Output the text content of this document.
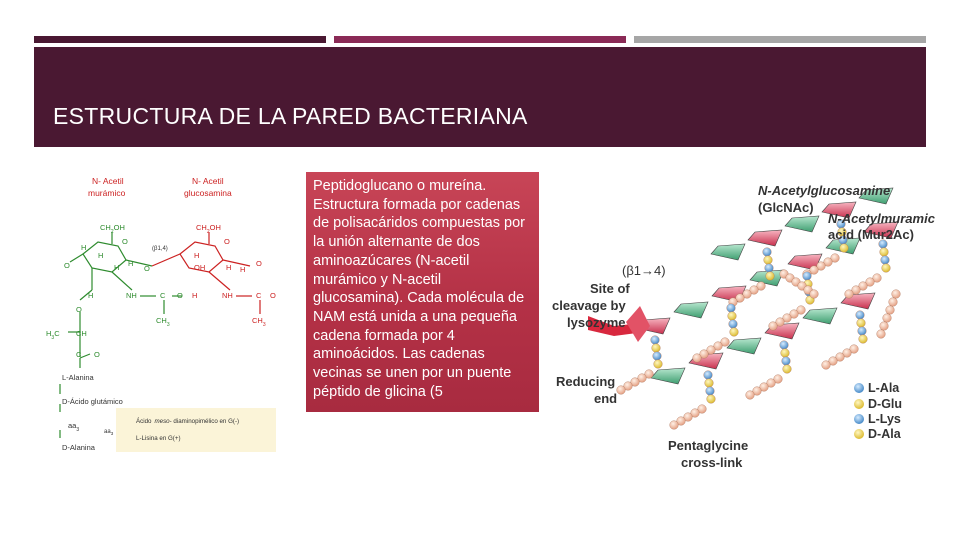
ESTRUCTURA DE LA PARED BACTERIANA
N- Acetil
murámico
N- Acetil
glucosamina
$CH_2OH$
O
H
H
O	H
H	O
H	NH	C O
$CH_3$
O
$H_3C$ CH
C O
(β1,4)
$CH_2OH$
O
H
OH	H H
O
H	NH	C O
$CH_3$
L-Alanina
D-Ácido glutámico
$aa_3$
D-Alanina
$aa_3$
Ácido meso- diaminopimélico en G(-)
L-Lisina en G(+)

Peptidoglucano o mureína. Estructura formada por cadenas de polisacáridos compuestas por la unión alternante de dos aminoazúcares (N-acetil murámico y N-acetil glucosamina). Cada molécula de NAM está unida a una pequeña cadena formada por 4 aminoácidos. Las cadenas vecinas se unen por un puente péptido de glicina (5

N-Acetylglucosamine
(GlcNAc)
N-Acetylmuramic
acid (Mur2Ac)
(β1→4)
Site of
cleavage by
lysozyme
Reducing
end
L-Ala
D-Glu
L-Lys
D-Ala
Pentaglycine
cross-link
